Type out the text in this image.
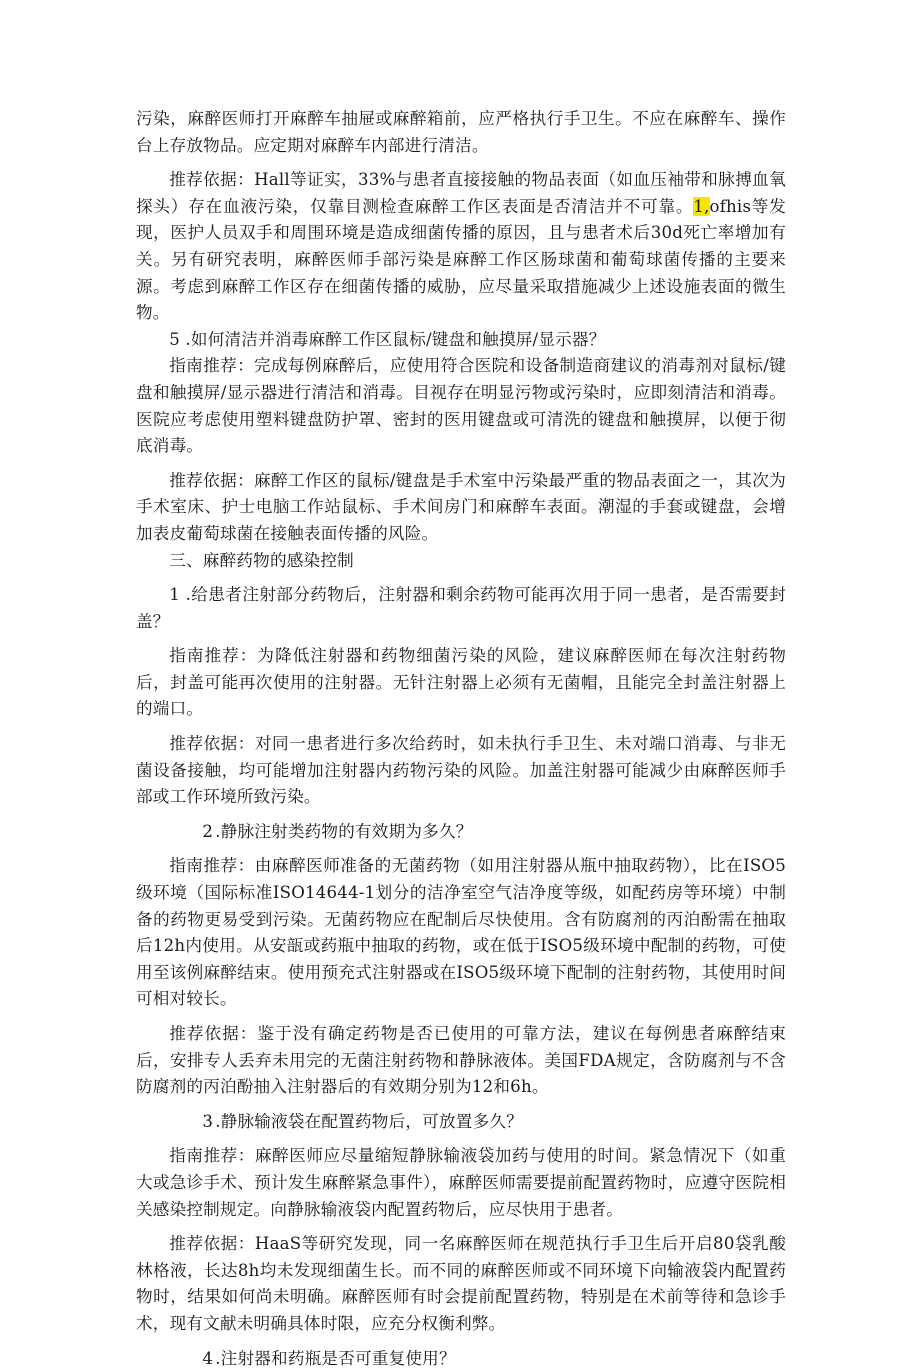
污染，麻醉医师打开麻醉车抽屉或麻醉箱前，应严格执行手卫生。不应在麻醉车、操作台上存放物品。应定期对麻醉车内部进行清洁。

推荐依据：Hall等证实，33%与患者直接接触的物品表面（如血压袖带和脉搏血氧探头）存在血液污染，仅靠目测检查麻醉工作区表面是否清洁并不可靠。1,ofhis等发现，医护人员双手和周围环境是造成细菌传播的原因，且与患者术后30d死亡率增加有关。另有研究表明，麻醉医师手部污染是麻醉工作区肠球菌和葡萄球菌传播的主要来源。考虑到麻醉工作区存在细菌传播的威胁，应尽量采取措施减少上述设施表面的微生物。

5 .如何清洁并消毒麻醉工作区鼠标/键盘和触摸屏/显示器？

指南推荐：完成每例麻醉后，应使用符合医院和设备制造商建议的消毒剂对鼠标/键盘和触摸屏/显示器进行清洁和消毒。目视存在明显污物或污染时，应即刻清洁和消毒。医院应考虑使用塑料键盘防护罩、密封的医用键盘或可清洗的键盘和触摸屏，以便于彻底消毒。

推荐依据：麻醉工作区的鼠标/键盘是手术室中污染最严重的物品表面之一，其次为手术室床、护士电脑工作站鼠标、手术间房门和麻醉车表面。潮湿的手套或键盘，会增加表皮葡萄球菌在接触表面传播的风险。

三、麻醉药物的感染控制

1 .给患者注射部分药物后，注射器和剩余药物可能再次用于同一患者，是否需要封盖？

指南推荐：为降低注射器和药物细菌污染的风险，建议麻醉医师在每次注射药物后，封盖可能再次使用的注射器。无针注射器上必须有无菌帽，且能完全封盖注射器上的端口。

推荐依据：对同一患者进行多次给药时，如未执行手卫生、未对端口消毒、与非无菌设备接触，均可能增加注射器内药物污染的风险。加盖注射器可能减少由麻醉医师手部或工作环境所致污染。

2 .静脉注射类药物的有效期为多久？

指南推荐：由麻醉医师准备的无菌药物（如用注射器从瓶中抽取药物），比在ISO5级环境（国际标准ISO14644-1划分的洁净室空气洁净度等级，如配药房等环境）中制备的药物更易受到污染。无菌药物应在配制后尽快使用。含有防腐剂的丙泊酚需在抽取后12h内使用。从安瓿或药瓶中抽取的药物，或在低于ISO5级环境中配制的药物，可使用至该例麻醉结束。使用预充式注射器或在ISO5级环境下配制的注射药物，其使用时间可相对较长。

推荐依据：鉴于没有确定药物是否已使用的可靠方法，建议在每例患者麻醉结束后，安排专人丢弃未用完的无菌注射药物和静脉液体。美国FDA规定，含防腐剂与不含防腐剂的丙泊酚抽入注射器后的有效期分别为12和6h。

3 .静脉输液袋在配置药物后，可放置多久？

指南推荐：麻醉医师应尽量缩短静脉输液袋加药与使用的时间。紧急情况下（如重大或急诊手术、预计发生麻醉紧急事件），麻醉医师需要提前配置药物时，应遵守医院相关感染控制规定。向静脉输液袋内配置药物后，应尽快用于患者。

推荐依据：HaaS等研究发现，同一名麻醉医师在规范执行手卫生后开启80袋乳酸林格液，长达8h均未发现细菌生长。而不同的麻醉医师或不同环境下向输液袋内配置药物时，结果如何尚未明确。麻醉医师有时会提前配置药物，特别是在术前等待和急诊手术，现有文献未明确具体时限，应充分权衡利弊。

4 .注射器和药瓶是否可重复使用？
